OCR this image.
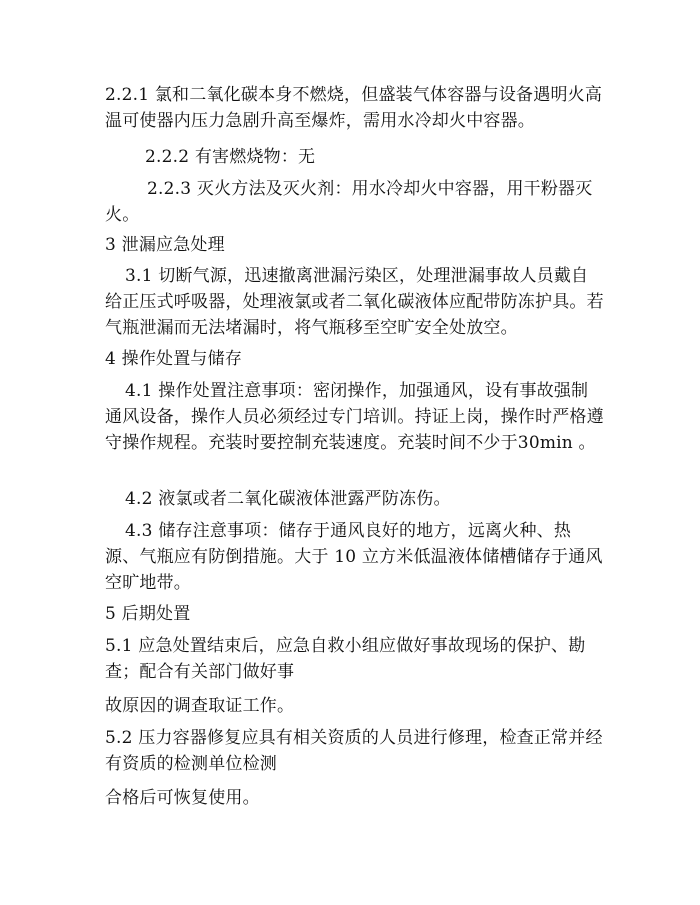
2.2.1 氯和二氧化碳本身不燃烧，但盛装气体容器与设备遇明火高温可使器内压力急剧升高至爆炸，需用水冷却火中容器。

2.2.2 有害燃烧物：无

2.2.3 灭火方法及灭火剂：用水冷却火中容器，用干粉器灭火。

3 泄漏应急处理

3.1 切断气源，迅速撤离泄漏污染区，处理泄漏事故人员戴自给正压式呼吸器，处理液氯或者二氧化碳液体应配带防冻护具。若气瓶泄漏而无法堵漏时，将气瓶移至空旷安全处放空。

4 操作处置与储存

4.1 操作处置注意事项：密闭操作，加强通风，设有事故强制通风设备，操作人员必须经过专门培训。持证上岗，操作时严格遵守操作规程。充装时要控制充装速度。充装时间不少于30min 。

4.2 液氯或者二氧化碳液体泄露严防冻伤。

4.3 储存注意事项：储存于通风良好的地方，远离火种、热源、气瓶应有防倒措施。大于 10 立方米低温液体储槽储存于通风空旷地带。

5 后期处置

5.1 应急处置结束后，应急自救小组应做好事故现场的保护、勘查；配合有关部门做好事

故原因的调查取证工作。

5.2 压力容器修复应具有相关资质的人员进行修理，检查正常并经有资质的检测单位检测

合格后可恢复使用。
